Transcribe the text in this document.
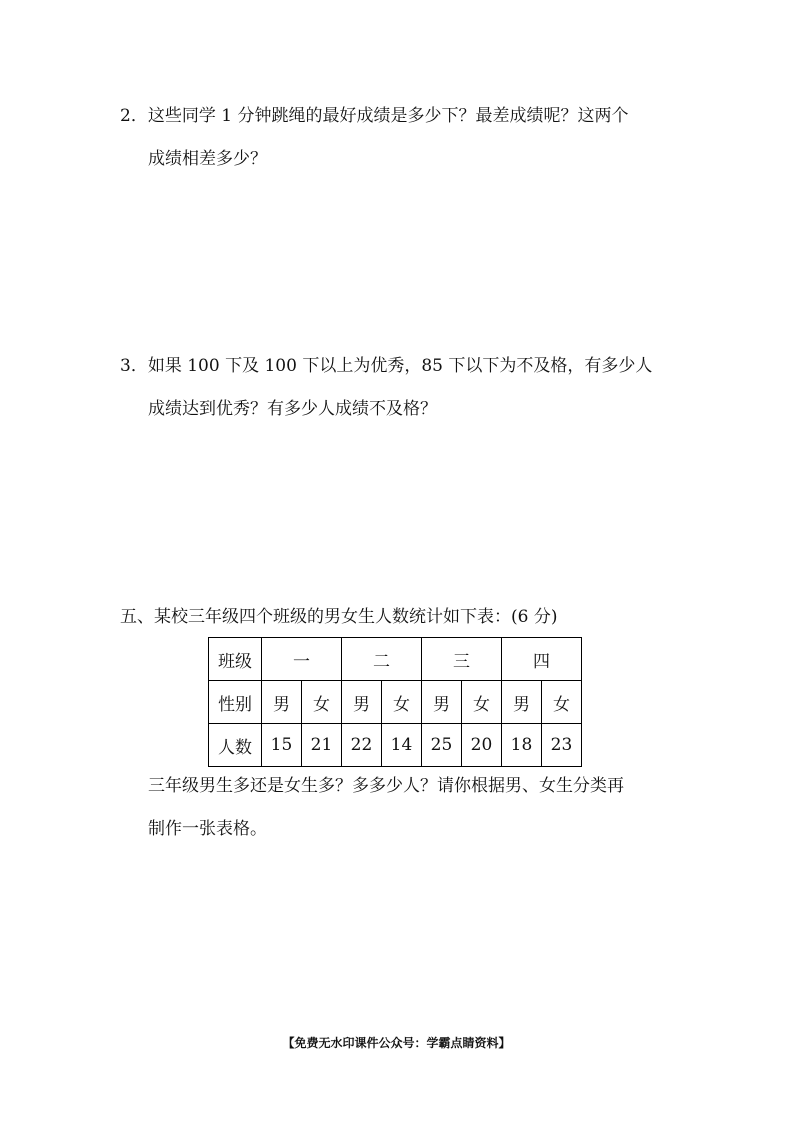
2．这些同学 1 分钟跳绳的最好成绩是多少下？最差成绩呢？这两个
成绩相差多少？
3．如果 100 下及 100 下以上为优秀，85 下以下为不及格，有多少人
成绩达到优秀？有多少人成绩不及格？
五、某校三年级四个班级的男女生人数统计如下表：(6 分)
班级	一		二		三		四	
性别	男	女	男	女	男	女	男	女
人数	15	21	22	14	25	20	18	23
三年级男生多还是女生多？多多少人？请你根据男、女生分类再
制作一张表格。
【免费无水印课件公众号：学霸点睛资料】
